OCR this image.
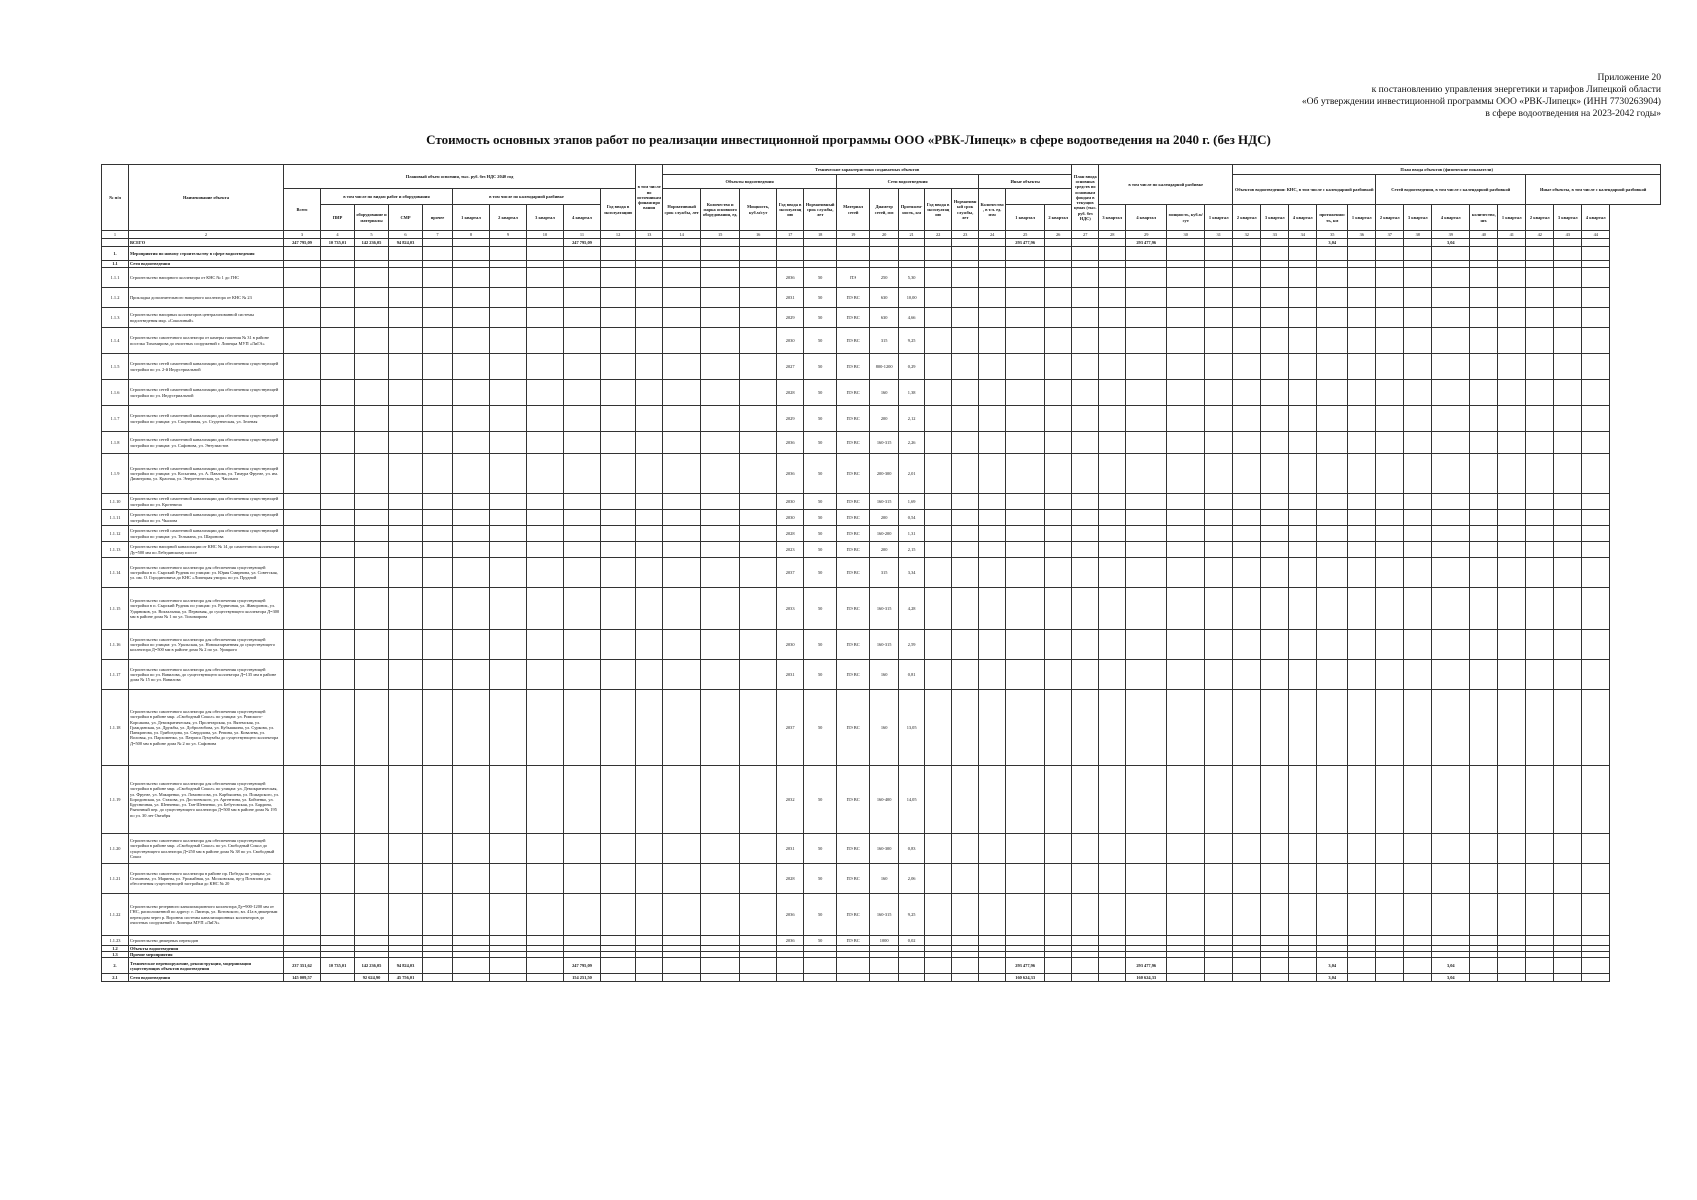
Приложение 20
к постановлению управления энергетики и тарифов Липецкой области
«Об утверждении инвестиционной программы ООО «РВК-Липецк» (ИНН 7730263904)
в сфере водоотведения на 2023-2042 годы»
Стоимость основных этапов работ по реализации инвестиционной программы ООО «РВК-Липецк» в сфере водоотведения на 2040 г. (без НДС)
№ п/п	Наименование объекта	Плановый объем освоения, тыс. руб. без НДС 2040 год										в том числе по источникам финансирования	Технические характеристики создаваемых объектов													План ввода основных средств по основным фондам в текущих ценах (тыс. руб. без НДС)	в том числе по календарной разбивке				План ввода объектов (физические показатели)												
													Объекты водоотведения					Сети водоотведения					Иные объекты								Объектов водоотведения: КНС, в том числе с календарной разбивкой					Сетей водоотведения, в том числе с календарной разбивкой					Иные объекты, в том числе с календарной разбивкой		
		Всего	в том числе по видам работ и оборудования				в том числе по календарной разбивке				Год ввода в эксплуатацию		Нормативный срок службы, лет	Количество и марка основного оборудования, ед.	Мощность, куб.м/сут	Год ввода в эксплуатацию	Нормативный срок службы, лет	Материал сетей	Диаметр сетей, мм	Протяжен-ность, км	Год ввода в эксплуатацию	Нормативный срок службы, лет	Количество, в т.ч. ед. изм																				
			ПИР	оборудование и материалы	СМР	прочее	1 квартал	2 квартал	3 квартал	4 квартал														1 квартал	2 квартал		3 квартал	4 квартал	мощность, куб.м/сут	1 квартал	2 квартал	3 квартал	4 квартал	протяженность, км	1 квартал	2 квартал	3 квартал	4 квартал	количество, шт.	1 квартал	2 квартал	3 квартал	4 квартал
1	2	3	4	5	6	7	8	9	10	11	12	13	14	15	16	17	18	19	20	21	22	23	24	25	26	27	28	29	30	31	32	33	34	35	36	37	38	39	40	41	42	43	44
	ВСЕГО	247 795,09	10 735,01	142 236,05	94 824,03					247 795,09														293 477,96				293 477,96						3,04				3,04					
1.	Мероприятия по новому строительству в сфере водоотведения																																										
1.1	Сети водоотведения																																										
1.1.1	Строительство напорного коллектора от КНС № 1 до ГНС															2036	50	ПЭ	250	5,30																							
1.1.2	Прокладка дополнительного напорного коллектора от КНС № 23															2031	50	ПЭ ВС	630	10,00																							
1.1.3	Строительство напорных коллекторов централизованной системы водоотведения мкр. «Соколиный»															2029	50	ПЭ ВС	630	4,66																							
1.1.4	Строительство самотечного коллектора от камеры гашения № 31 в районе поселка Тихомирова до очистных сооружений г. Липецка МУП «ЛиГА»															2030	50	ПЭ ВС	315	9,25																							
1.1.5	Строительство сетей самотечной канализации для обеспечения существующей застройки по ул. 2-й Индустриальной															2027	50	ПЭ ВС	800-1200	0,29																							
1.1.6	Строительство сетей самотечной канализации для обеспечения существующей застройки по ул. Индустриальной															2028	50	ПЭ ВС	160	1,38																							
1.1.7	Строительство сетей самотечной канализации для обеспечения существующей застройки по улицам: ул. Спортивная, ул. Студенческая, ул. Зеленая															2029	50	ПЭ ВС	200	2,12																							
1.1.8	Строительство сетей самотечной канализации для обеспечения существующей застройки по улицам: ул. Сафонова, ул. Энтузиастов															2036	50	ПЭ ВС	160-315	2,26																							
1.1.9	Строительство сетей самотечной канализации для обеспечения существующей застройки по улицам: ул. Косыгина, ул. А. Павлова, ул. Тимура Фрунзе, ул. им. Димитрова, ул. Красная, ул. Энергетическая, ул. Чаплыги															2036	50	ПЭ ВС	200-300	2,01																							
1.1.10	Строительство сетей самотечной канализации для обеспечения существующей застройки по ул. Кротевича															2030	50	ПЭ ВС	160-315	1,69																							
1.1.11	Строительство сетей самотечной канализации для обеспечения существующей застройки по ул. Чкалова															2030	50	ПЭ ВС	200	0,54																							
1.1.12	Строительство сетей самотечной канализации для обеспечения существующей застройки по улицам: ул. Тельмана, ул. Шаронова															2028	50	ПЭ ВС	160-200	1,31																							
1.1.13	Строительство напорной канализации от КНС № 14 до самотечного коллектора Ду=500 мм по Лебедянскому шоссе															2023	50	ПЭ ВС	200	2,15																							
1.1.14	Строительство самотечного коллектора для обеспечения существующей застройки в п. Сырский Рудник по улицам: ул. Юрия Смирнова, ул. Советская, ул. им. О. Городиновича до КНС «Липецкая умора» по ул. Прудной															2037	50	ПЭ ВС	315	3,34																							
1.1.15	Строительство самотечного коллектора для обеспечения существующей застройки в п. Сырский Рудник по улицам: ул. Рудничная, ул. Жаворонок, ул. Ударников, ул. Вокзальная, ул. Первомая, до существующего коллектора Д=300 мм в районе дома № 1 по ул. Тихомирова															2033	50	ПЭ ВС	160-315	4,28																							
1.1.16	Строительство самотечного коллектора для обеспечения существующей застройки по улицам: ул. Уральская, ул. Новоказарменная до существующего коллектора Д=500 мм в районе дома № 2 по ул. Урицкого															2030	50	ПЭ ВС	160-315	2,59																							
1.1.17	Строительство самотечного коллектора для обеспечения существующей застройки по ул. Вавилова, до существующего коллектора Д=135 мм в районе дома № 15 по ул. Вавилова															2031	50	ПЭ ВС	160	0,81																							
1.1.18	Строительство самотечного коллектора для обеспечения существующей застройки в районе мкр. «Свободный Сокол» по улицам: ул. Римского-Корсакова, ул. Демократическая, ул. Пролетарская, ул. Вяземская, ул. Гражданская, ул. Дружбы, ул. Добролюбова, ул. Кубышкина, ул. Суркова, ул. Панкратова, ул. Грибоедова, ул. Свердлова, ул. Репина, ул. Ковалева, ул. Воловья, ул. Пархоменко, ул. Патриса Лумумбы до существующего коллектора Д=500 мм в районе дома № 2 по ул. Сафонова															2037	50	ПЭ ВС	160	13,05																							
1.1.19	Строительство самотечного коллектора для обеспечения существующей застройки в районе мкр. «Свободный Сокол» по улицам: ул. Демократическая, ул. Фрунзе, ул. Макаренко, ул. Ломоносова, ул. Карбышева, ул. Пожарского, ул. Бородинская, ул. Стахова, ул. Достоевского, ул. Аргентина, ул. Бойченко, ул. Брусничная, ул. Шевченко, ул. Тан-Шевченко, ул. Бебутовская, ул. Бардина, Рыночный пер. до существующего коллектора Д=500 мм в районе дома № 195 по ул. 30 лет Октября															2032	50	ПЭ ВС	160-400	14,05																							
1.1.20	Строительство самотечного коллектора для обеспечения существующей застройки в районе мкр. «Свободный Сокол» по ул. Свободный Сокол до существующего коллектора Д=250 мм в районе дома № 38 по ул. Свободный Сокол															2031	50	ПЭ ВС	160-300	0,83																							
1.1.21	Строительство самотечного коллектора в районе пр. Победы по улицам: ул. Стаханова, ул. Марины, ул. Урожайная, ул. Московская, пр-д Потапова для обеспечения существующей застройки до КНС № 20															2028	50	ПЭ ВС	160	2,06																							
1.1.22	Строительство резервного канализационного коллектора Ду=900-1200 мм от ГНС, расположенной по адресу: г. Липецк, ул. Котовского, вл. 41а в дюкерным переходом через р. Воронеж системы канализационных коллекторов до очистных сооружений г. Липецка МУП «ЛиГА»															2036	50	ПЭ ВС	160-315	9,25																							
1.1.23	Строительство дюкерных переходов															2036	50	ПЭ ВС	1000	0,02																							
1.2	Объекты водоотведения																																										
1.3	Прочие мероприятия																																										
2.	Техническое перевооружение, реконструкция, модернизация существующих объектов водоотведения	237 351,62	10 735,01	142 236,05	94 824,03					247 795,09														293 477,96				293 477,96						3,04				3,04					
2.1	Сети водоотведения	145 009,57		92 624,90	45 756,01					154 251,50														160 624,33				160 624,33						3,04				3,04					
